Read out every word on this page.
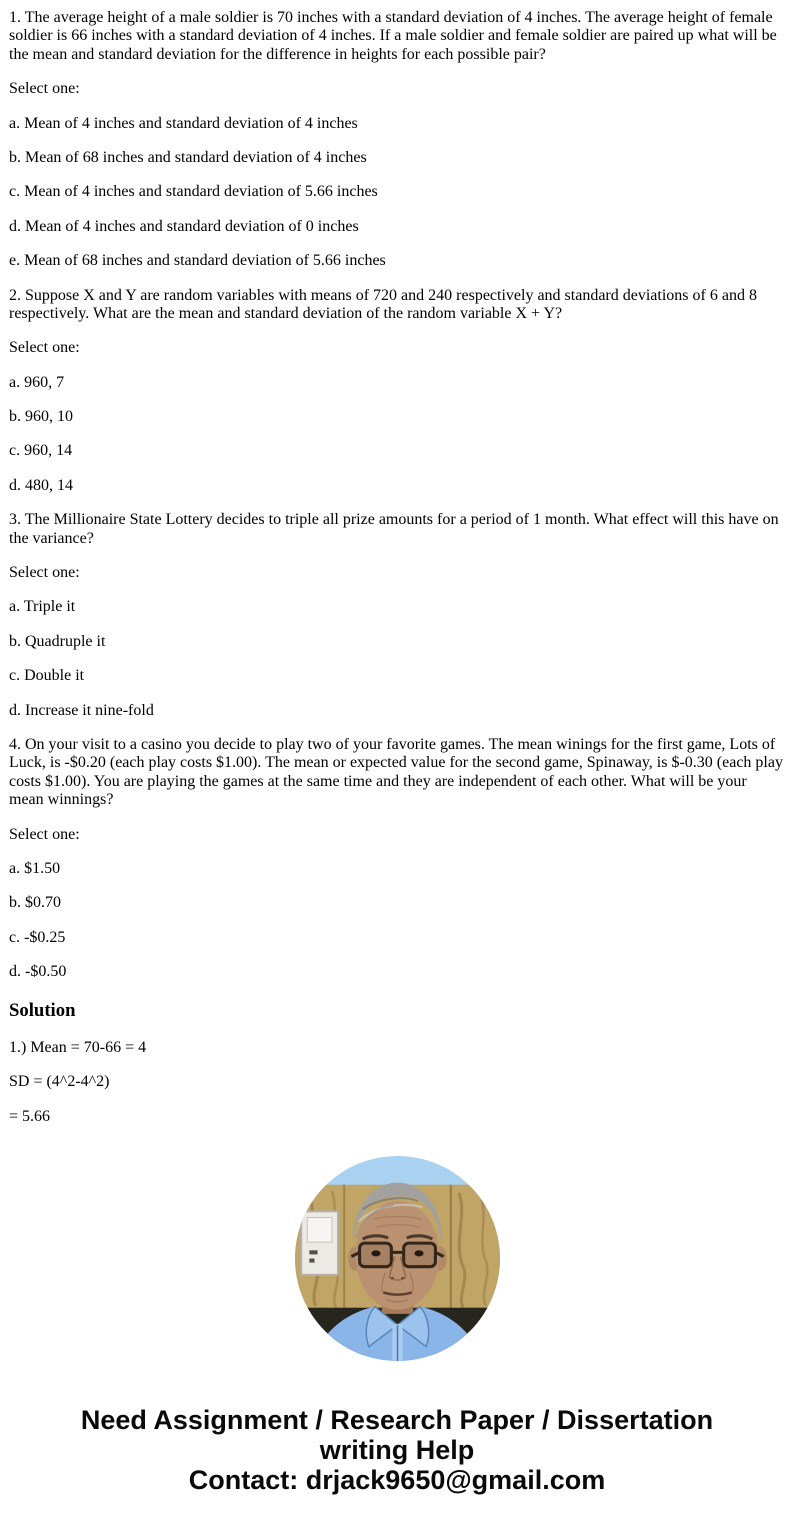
1. The average height of a male soldier is 70 inches with a standard deviation of 4 inches. The average height of female soldier is 66 inches with a standard deviation of 4 inches. If a male soldier and female soldier are paired up what will be the mean and standard deviation for the difference in heights for each possible pair?

Select one:

a. Mean of 4 inches and standard deviation of 4 inches

b. Mean of 68 inches and standard deviation of 4 inches

c. Mean of 4 inches and standard deviation of 5.66 inches

d. Mean of 4 inches and standard deviation of 0 inches

e. Mean of 68 inches and standard deviation of 5.66 inches

2. Suppose X and Y are random variables with means of 720 and 240 respectively and standard deviations of 6 and 8 respectively. What are the mean and standard deviation of the random variable X + Y?

Select one:

a. 960, 7

b. 960, 10

c. 960, 14

d. 480, 14

3. The Millionaire State Lottery decides to triple all prize amounts for a period of 1 month. What effect will this have on the variance?

Select one:

a. Triple it

b. Quadruple it

c. Double it

d. Increase it nine-fold

4. On your visit to a casino you decide to play two of your favorite games. The mean winings for the first game, Lots of Luck, is -$0.20 (each play costs $1.00). The mean or expected value for the second game, Spinaway, is $-0.30 (each play costs $1.00). You are playing the games at the same time and they are independent of each other. What will be your mean winnings?

Select one:

a. $1.50

b. $0.70

c. -$0.25

d. -$0.50

Solution

1.) Mean = 70-66 = 4

SD = (4^2-4^2)

= 5.66

Need Assignment / Research Paper / Dissertation
writing Help
Contact: drjack9650@gmail.com
